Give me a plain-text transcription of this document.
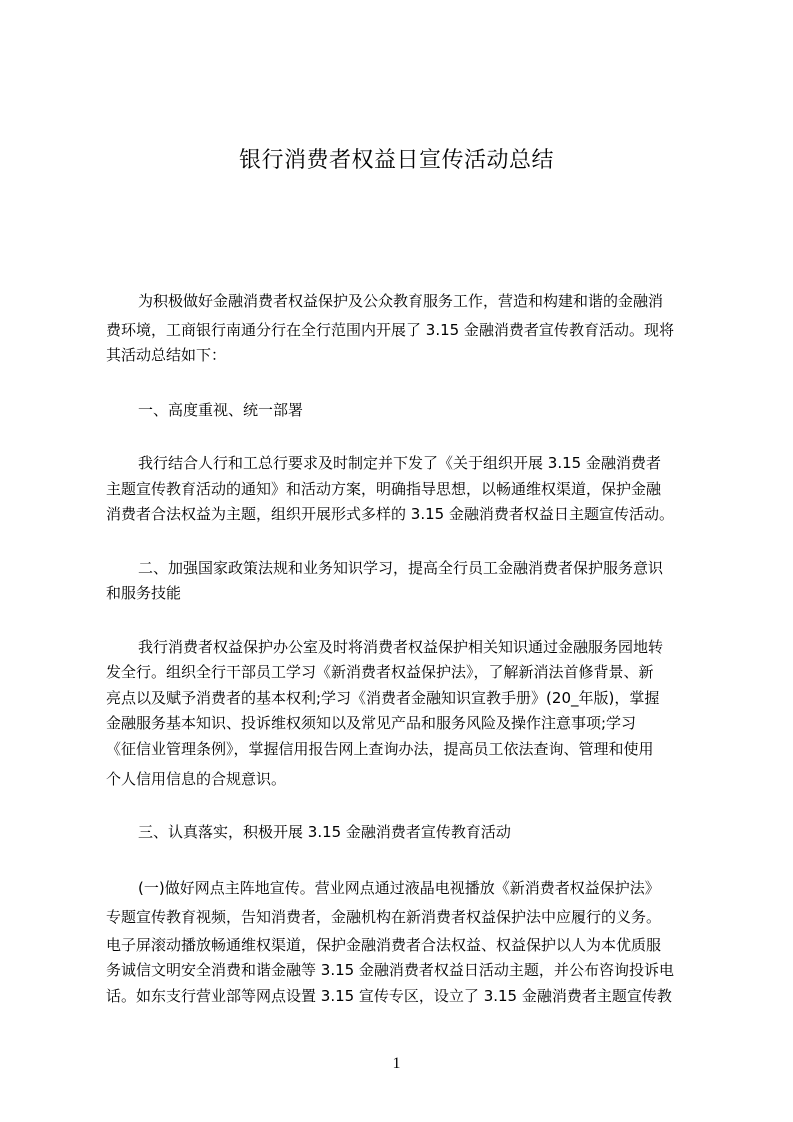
银行消费者权益日宣传活动总结
为积极做好金融消费者权益保护及公众教育服务工作，营造和构建和谐的金融消
费环境，工商银行南通分行在全行范围内开展了 3.15 金融消费者宣传教育活动。现将
其活动总结如下：
一、高度重视、统一部署
我行结合人行和工总行要求及时制定并下发了《关于组织开展 3.15 金融消费者
主题宣传教育活动的通知》和活动方案，明确指导思想，以畅通维权渠道，保护金融
消费者合法权益为主题，组织开展形式多样的 3.15 金融消费者权益日主题宣传活动。
二、加强国家政策法规和业务知识学习，提高全行员工金融消费者保护服务意识
和服务技能
我行消费者权益保护办公室及时将消费者权益保护相关知识通过金融服务园地转
发全行。组织全行干部员工学习《新消费者权益保护法》，了解新消法首修背景、新
亮点以及赋予消费者的基本权利;学习《消费者金融知识宣教手册》(20_年版)，掌握
金融服务基本知识、投诉维权须知以及常见产品和服务风险及操作注意事项;学习
《征信业管理条例》，掌握信用报告网上查询办法，提高员工依法查询、管理和使用
个人信用信息的合规意识。
三、认真落实，积极开展 3.15 金融消费者宣传教育活动
(一)做好网点主阵地宣传。营业网点通过液晶电视播放《新消费者权益保护法》
专题宣传教育视频，告知消费者，金融机构在新消费者权益保护法中应履行的义务。
电子屏滚动播放畅通维权渠道，保护金融消费者合法权益、权益保护以人为本优质服
务诚信文明安全消费和谐金融等 3.15 金融消费者权益日活动主题，并公布咨询投诉电
话。如东支行营业部等网点设置 3.15 宣传专区，设立了 3.15 金融消费者主题宣传教
1
